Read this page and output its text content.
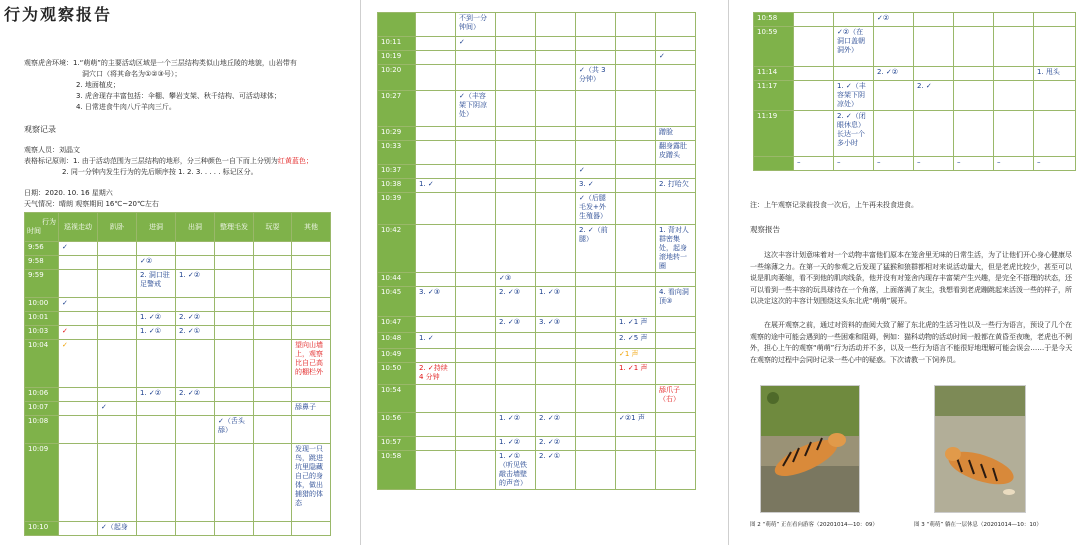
行为观察报告
观察虎舍环境：1.“萌萌”的主要活动区域是一个三层结构类似山地丘陵的地貌，山岩带有
洞穴口（将其命名为①②③号）；
2. 地面植皮；
3. 虎舍现存丰富包括：伞棚、攀岩支架、秋千结构、可活动球体；
4. 日常进食牛肉八斤羊肉三斤。
观察记录
观察人员：刘晶文
表格标记原则：1. 由于活动范围为三层结构的地形，分三种颜色一自下而上分别为红黄蓝色；
2. 同一分钟内发生行为的先后顺序按 1. 2. 3. . . . . 标记区分。
日期：2020. 10. 16 星期六
天气情况：晴朗 观察期间 16℃~20℃左右
行为
时间	巡视走动	趴卧	进洞	出洞	整理毛发	玩耍	其他
9:56	✓						
9:58			✓②				
9:59			2. 洞口驻足警戒	1. ✓②			
10:00	✓						
10:01			1. ✓②	2. ✓②			
10:03	✓		1. ✓①	2. ✓①			
10:04	✓						望向山墙上，观察比自己高的棚栏外
10:06			1. ✓②	2. ✓②			
10:07		✓					舔鼻子
10:08					✓（舌头舔）		
10:09							发现一只鸟，跳进坑里隐藏自己的身体，做出捕猎的体态
10:10		✓（起身					
		不到一分钟间）					
10:11		✓					
10:19							✓
10:20					✓（共 3 分钟）		
10:27		✓（丰容架下阴凉处）					
10:29							蹭脸
10:33							翻身露肚皮蹭头
10:37					✓		
10:38	1. ✓				3. ✓		2. 打哈欠
10:39					✓（后腿毛发+外生殖器）		
10:42					2. ✓（前腿）		1. 背对人群密集处，起身滚地转一圈
10:44			✓③				
10:45	3. ✓③		2. ✓③	1. ✓③			4. 看向洞顶③
10:47			2. ✓③	3. ✓③		1. ✓1 声	
10:48	1. ✓					2. ✓5 声	
10:49						✓1 声	
10:50	2. ✓持续 4 分钟					1. ✓1 声	
10:54							舔爪子（右）
10:56			1. ✓②	2. ✓②		✓②1 声	
10:57			1. ✓②	2. ✓②			
10:58			1. ✓①（听见铁敲击墙壁的声音）	2. ✓①			
10:58			✓②				
10:59		✓②（在洞口盖朝洞外）					
11:14			2. ✓②				1. 甩头
11:17		1. ✓（丰容架下阴凉处）		2. ✓			
11:19		2. ✓（闭眼休息）长达一个多小时					
	–	–	–	–	–	–	–
注：上午观察记录前投食一次后，上午再未投食进食。
观察报告
这次丰容计划意味着对一个动物丰富他们原本在笼舍里无味的日常生活，为了让他们开心身心健康尽一些绵薄之力。在第一天的参观之后发现了猛猴和狼群都相对来说活动量大，但是老虎比较少，甚至可以说是肌肉萎缩，看不到他的肌肉线条，他并没有对笼舍内现存丰富架产生兴趣，是完全不搭理的状态，还可以看到一些丰容的玩具球待在一个角落，上面落满了灰尘，我想看到老虎蹦跳起来活泼一些的样子，所以决定这次的丰容计划围绕这头东北虎“萌萌”展开。
在展开观察之前，通过对资料的查阅大致了解了东北虎的生活习性以及一些行为语言，预设了几个在观察的途中可能会遇到的一些困难和阻碍，例如：猫科动物的活动时间一般都在黄昏至夜晚，老虎也不例外，担心上午的观察“萌萌”行为活动并不多，以及一些行为语言不能很好地理解可能会误会……于是今天在观察的过程中会同时记录一些心中的疑惑。下次请教一下饲养员。
图 2 “萌萌” 正在看向游客（20201014—10：09）	图 3 “萌萌” 躺在一层休息（20201014—10：10）
